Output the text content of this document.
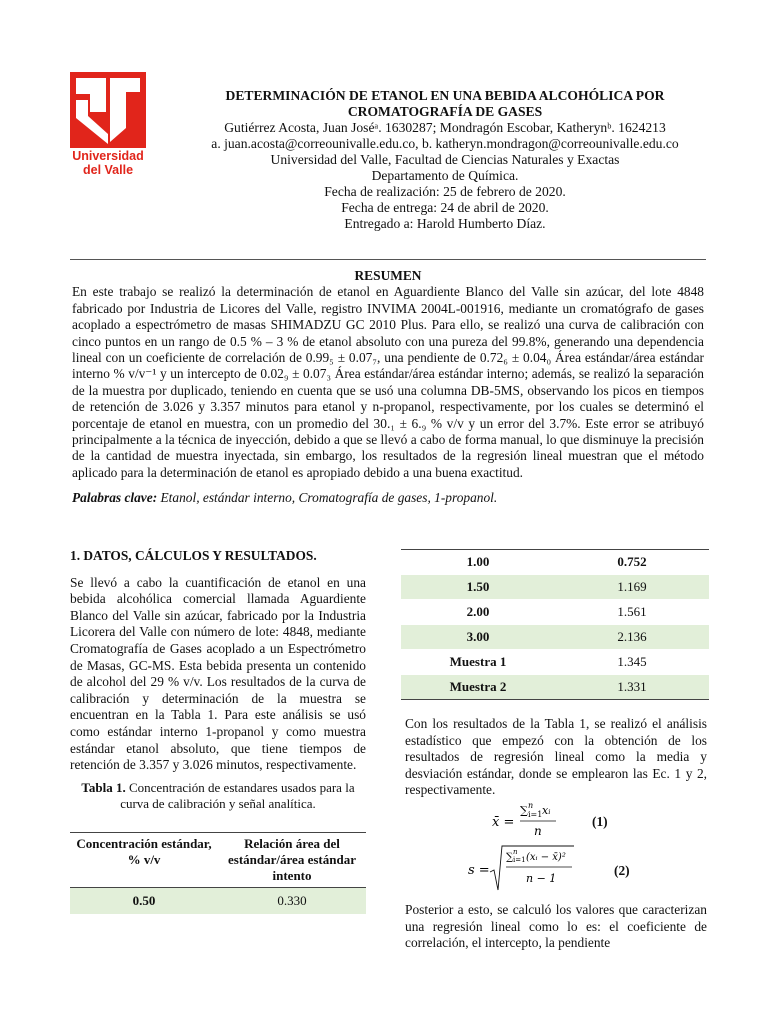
Universidad
del Valle
DETERMINACIÓN DE ETANOL EN UNA BEBIDA ALCOHÓLICA POR
CROMATOGRAFÍA DE GASES
Gutiérrez Acosta, Juan Joséᵃ. 1630287; Mondragón Escobar, Katherynᵇ. 1624213
a. juan.acosta@correounivalle.edu.co, b. katheryn.mondragon@correounivalle.edu.co
Universidad del Valle, Facultad de Ciencias Naturales y Exactas
Departamento de Química.
Fecha de realización: 25 de febrero de 2020.
Fecha de entrega: 24 de abril de 2020.
Entregado a: Harold Humberto Díaz.
RESUMEN
En este trabajo se realizó la determinación de etanol en Aguardiente Blanco del Valle sin azúcar, del lote 4848 fabricado por Industria de Licores del Valle, registro INVIMA 2004L-001916, mediante un cromatógrafo de gases acoplado a espectrómetro de masas SHIMADZU GC 2010 Plus. Para ello, se realizó una curva de calibración con cinco puntos en un rango de 0.5 % – 3 % de etanol absoluto con una pureza del 99.8%, generando una dependencia lineal con un coeficiente de correlación de 0.99₅ ± 0.07₇, una pendiente de 0.72₆ ± 0.04₀ Área estándar/área estándar interno % v/v⁻¹ y un intercepto de 0.02₉ ± 0.07₃ Área estándar/área estándar interno; además, se realizó la separación de la muestra por duplicado, teniendo en cuenta que se usó una columna DB-5MS, observando los picos en tiempos de retención de 3.026 y 3.357 minutos para etanol y n-propanol, respectivamente, por los cuales se determinó el porcentaje de etanol en muestra, con un promedio del 30.₁ ± 6.₉ % v/v y un error del 3.7%. Este error se atribuyó principalmente a la técnica de inyección, debido a que se llevó a cabo de forma manual, lo que disminuye la precisión de la cantidad de muestra inyectada, sin embargo, los resultados de la regresión lineal muestran que el método aplicado para la determinación de etanol es apropiado debido a una buena exactitud.
Palabras clave: Etanol, estándar interno, Cromatografía de gases, 1-propanol.
1. DATOS, CÁLCULOS Y RESULTADOS.
Se llevó a cabo la cuantificación de etanol en una bebida alcohólica comercial llamada Aguardiente Blanco del Valle sin azúcar, fabricado por la Industria Licorera del Valle con número de lote: 4848, mediante Cromatografía de Gases acoplado a un Espectrómetro de Masas, GC-MS. Esta bebida presenta un contenido de alcohol del 29 % v/v. Los resultados de la curva de calibración y determinación de la muestra se encuentran en la Tabla 1. Para este análisis se usó como estándar interno 1-propanol y como muestra estándar etanol absoluto, que tiene tiempos de retención de 3.357 y 3.026 minutos, respectivamente.
Tabla 1. Concentración de estandares usados para la curva de calibración y señal analítica.
Concentración estándar, % v/v	Relación área del estándar/área estándar intento
0.50	0.330
1.00	0.752
1.50	1.169
2.00	1.561
3.00	2.136
Muestra 1	1.345
Muestra 2	1.331
Con los resultados de la Tabla 1, se realizó el análisis estadístico que empezó con la obtención de los resultados de regresión lineal como la media y desviación estándar, donde se emplearon las Ec. 1 y 2, respectivamente.
x̄ =
∑ n
i=1 xᵢ
n
(1)
s =
∑ n
i=1 (xᵢ − x̄)²
n − 1
(2)
Posterior a esto, se calculó los valores que caracterizan una regresión lineal como lo es: el coeficiente de correlación, el intercepto, la pendiente
